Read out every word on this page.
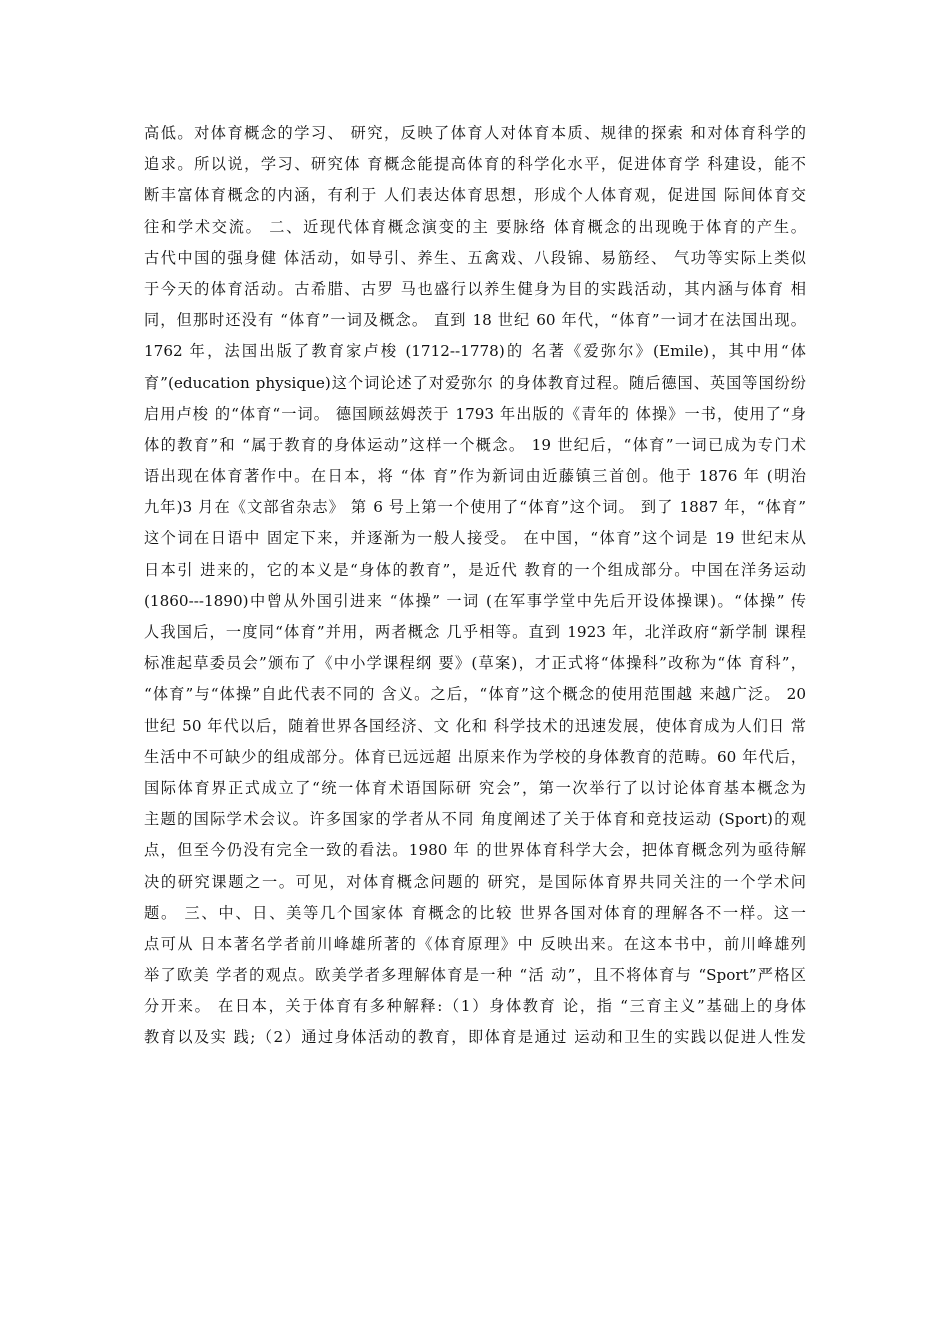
高低。对体育概念的学习、 研究，反映了体育人对体育本质、规律的探索 和对体育科学的
追求。所以说，学习、研究体 育概念能提高体育的科学化水平，促进体育学 科建设，能不
断丰富体育概念的内涵，有利于 人们表达体育思想，形成个人体育观，促进国 际间体育交
往和学术交流。 二、近现代体育概念演变的主 要脉络 体育概念的出现晚于体育的产生。
古代中国的强身健 体活动，如导引、养生、五禽戏、八段锦、易筋经、 气功等实际上类似
于今天的体育活动。古希腊、古罗 马也盛行以养生健身为目的实践活动，其内涵与体育 相
同，但那时还没有 “体育”一词及概念。 直到 18 世纪 60 年代，“体育”一词才在法国出现。
1762 年，法国出版了教育家卢梭 (1712--1778)的 名著《爱弥尔》(Emile)，其中用“体
育”(education physique)这个词论述了对爱弥尔 的身体教育过程。随后德国、英国等国纷纷
启用卢梭 的“体育“一词。 德国顾兹姆茨于 1793 年出版的《青年的 体操》一书，使用了“身
体的教育”和 “属于教育的身体运动”这样一个概念。 19 世纪后，“体育”一词已成为专门术
语出现在体育著作中。在日本，将 “体 育”作为新词由近藤镇三首创。他于 1876 年 (明治
九年)3 月在《文部省杂志》 第 6 号上第一个使用了“体育”这个词。 到了 1887 年，“体育”
这个词在日语中 固定下来，并逐渐为一般人接受。 在中国，“体育”这个词是 19 世纪末从
日本引 进来的，它的本义是“身体的教育”，是近代 教育的一个组成部分。中国在洋务运动
(1860---1890)中曾从外国引进来 “体操” 一词 (在军事学堂中先后开设体操课)。“体操” 传
人我国后，一度同“体育”并用，两者概念 几乎相等。直到 1923 年，北洋政府“新学制 课程
标准起草委员会”颁布了《中小学课程纲 要》(草案)，才正式将“体操科”改称为“体 育科”，
“体育”与“体操”自此代表不同的 含义。之后，“体育”这个概念的使用范围越 来越广泛。 20
世纪 50 年代以后，随着世界各国经济、文 化和 科学技术的迅速发展，使体育成为人们日 常
生活中不可缺少的组成部分。体育已远远超 出原来作为学校的身体教育的范畴。60 年代后，
国际体育界正式成立了“统一体育术语国际研 究会”，第一次举行了以讨论体育基本概念为
主题的国际学术会议。许多国家的学者从不同 角度阐述了关于体育和竞技运动 (Sport)的观
点，但至今仍没有完全一致的看法。1980 年 的世界体育科学大会，把体育概念列为亟待解
决的研究课题之一。可见，对体育概念问题的 研究，是国际体育界共同关注的一个学术问
题。 三、中、日、美等几个国家体 育概念的比较 世界各国对体育的理解各不一样。这一
点可从 日本著名学者前川峰雄所著的《体育原理》中 反映出来。在这本书中，前川峰雄列
举了欧美 学者的观点。欧美学者多理解体育是一种 “活 动”，且不将体育与 “Sport”严格区
分开来。 在日本，关于体育有多种解释:（1）身体教育 论，指 “三育主义”基础上的身体
教育以及实 践;（2）通过身体活动的教育，即体育是通过 运动和卫生的实践以促进人性发
